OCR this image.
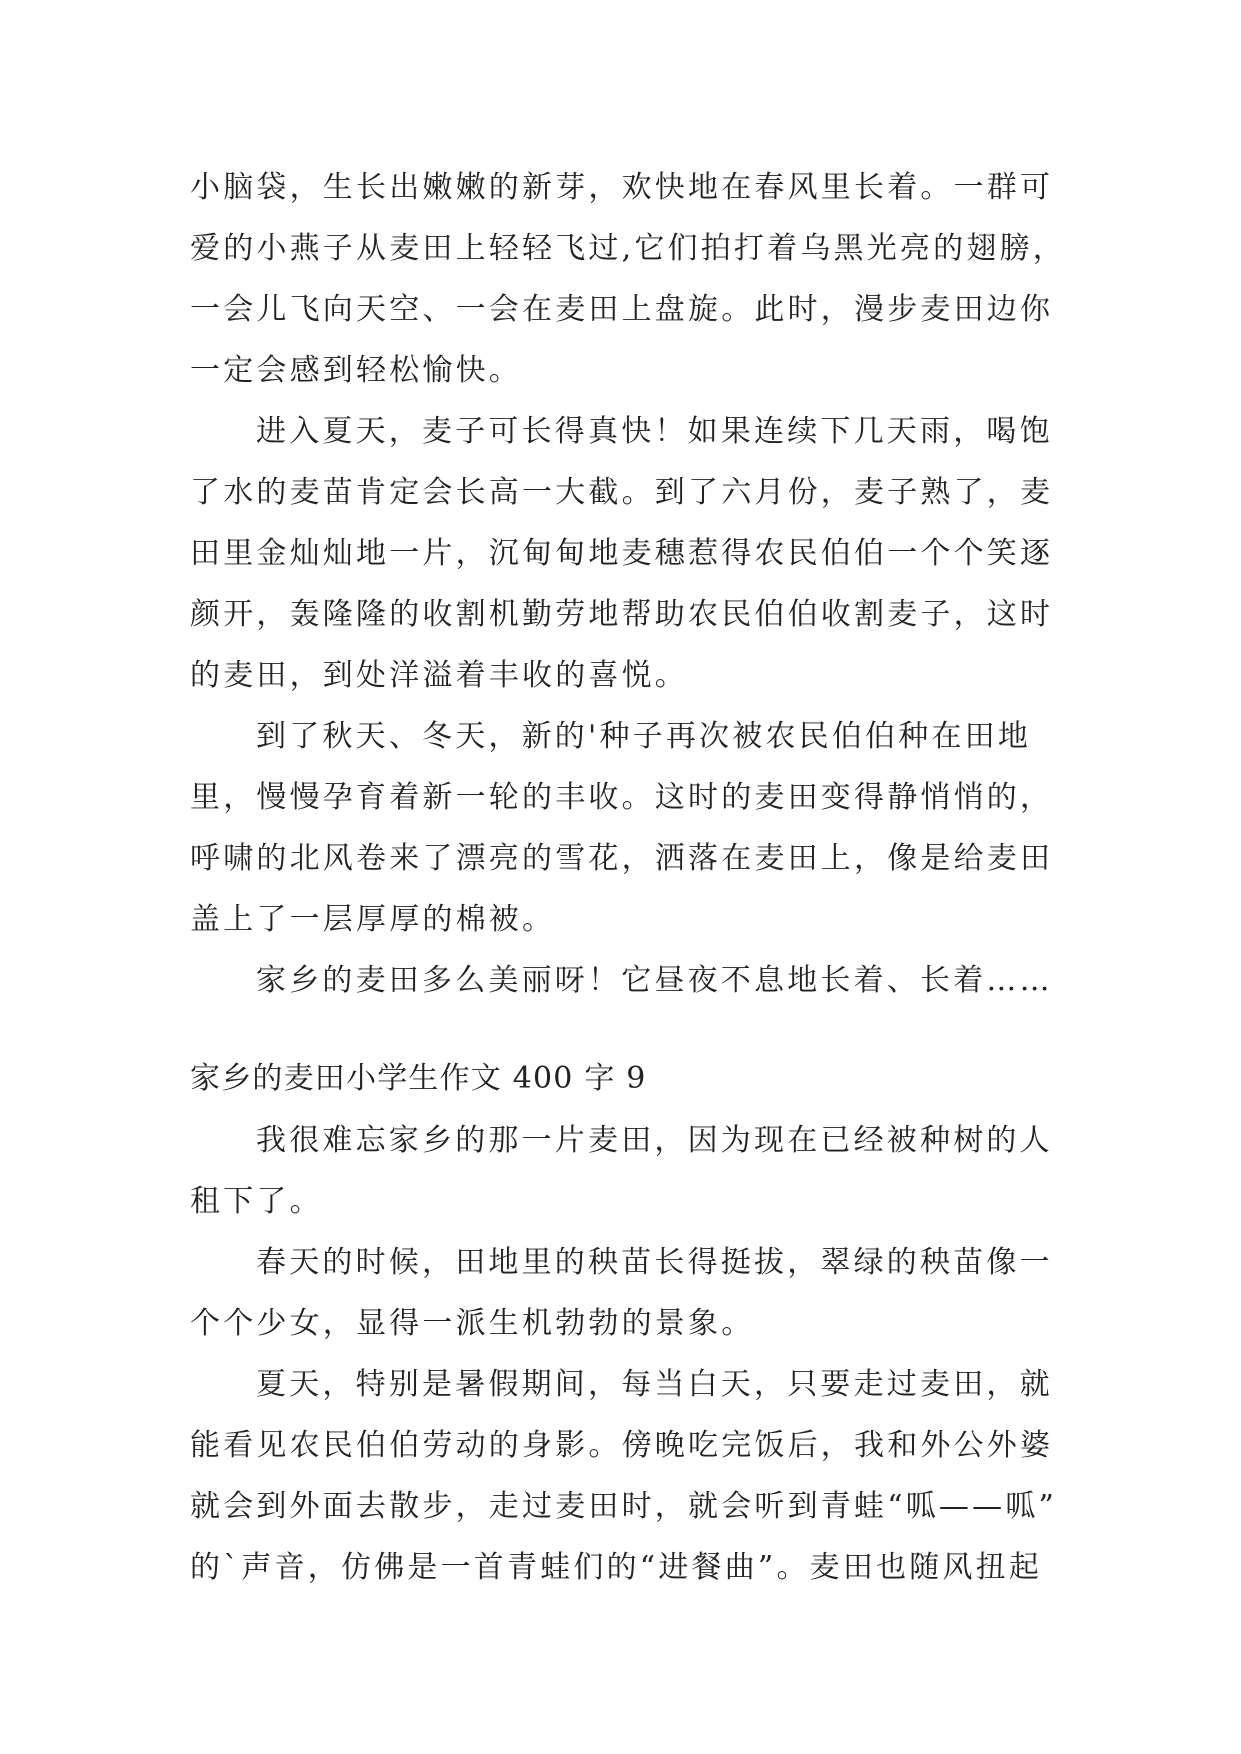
小脑袋，生长出嫩嫩的新芽，欢快地在春风里长着。一群可
爱的小燕子从麦田上轻轻飞过,它们拍打着乌黑光亮的翅膀，
一会儿飞向天空、一会在麦田上盘旋。此时，漫步麦田边你
一定会感到轻松愉快。
进入夏天，麦子可长得真快！如果连续下几天雨，喝饱
了水的麦苗肯定会长高一大截。到了六月份，麦子熟了，麦
田里金灿灿地一片，沉甸甸地麦穗惹得农民伯伯一个个笑逐
颜开，轰隆隆的收割机勤劳地帮助农民伯伯收割麦子，这时
的麦田，到处洋溢着丰收的喜悦。
到了秋天、冬天，新的'种子再次被农民伯伯种在田地
里，慢慢孕育着新一轮的丰收。这时的麦田变得静悄悄的，
呼啸的北风卷来了漂亮的雪花，洒落在麦田上，像是给麦田
盖上了一层厚厚的棉被。
家乡的麦田多么美丽呀！它昼夜不息地长着、长着……
家乡的麦田小学生作文 400 字 9
我很难忘家乡的那一片麦田，因为现在已经被种树的人
租下了。
春天的时候，田地里的秧苗长得挺拔，翠绿的秧苗像一
个个少女，显得一派生机勃勃的景象。
夏天，特别是暑假期间，每当白天，只要走过麦田，就
能看见农民伯伯劳动的身影。傍晚吃完饭后，我和外公外婆
就会到外面去散步，走过麦田时，就会听到青蛙“呱——呱”
的`声音，仿佛是一首青蛙们的“进餐曲”。麦田也随风扭起
